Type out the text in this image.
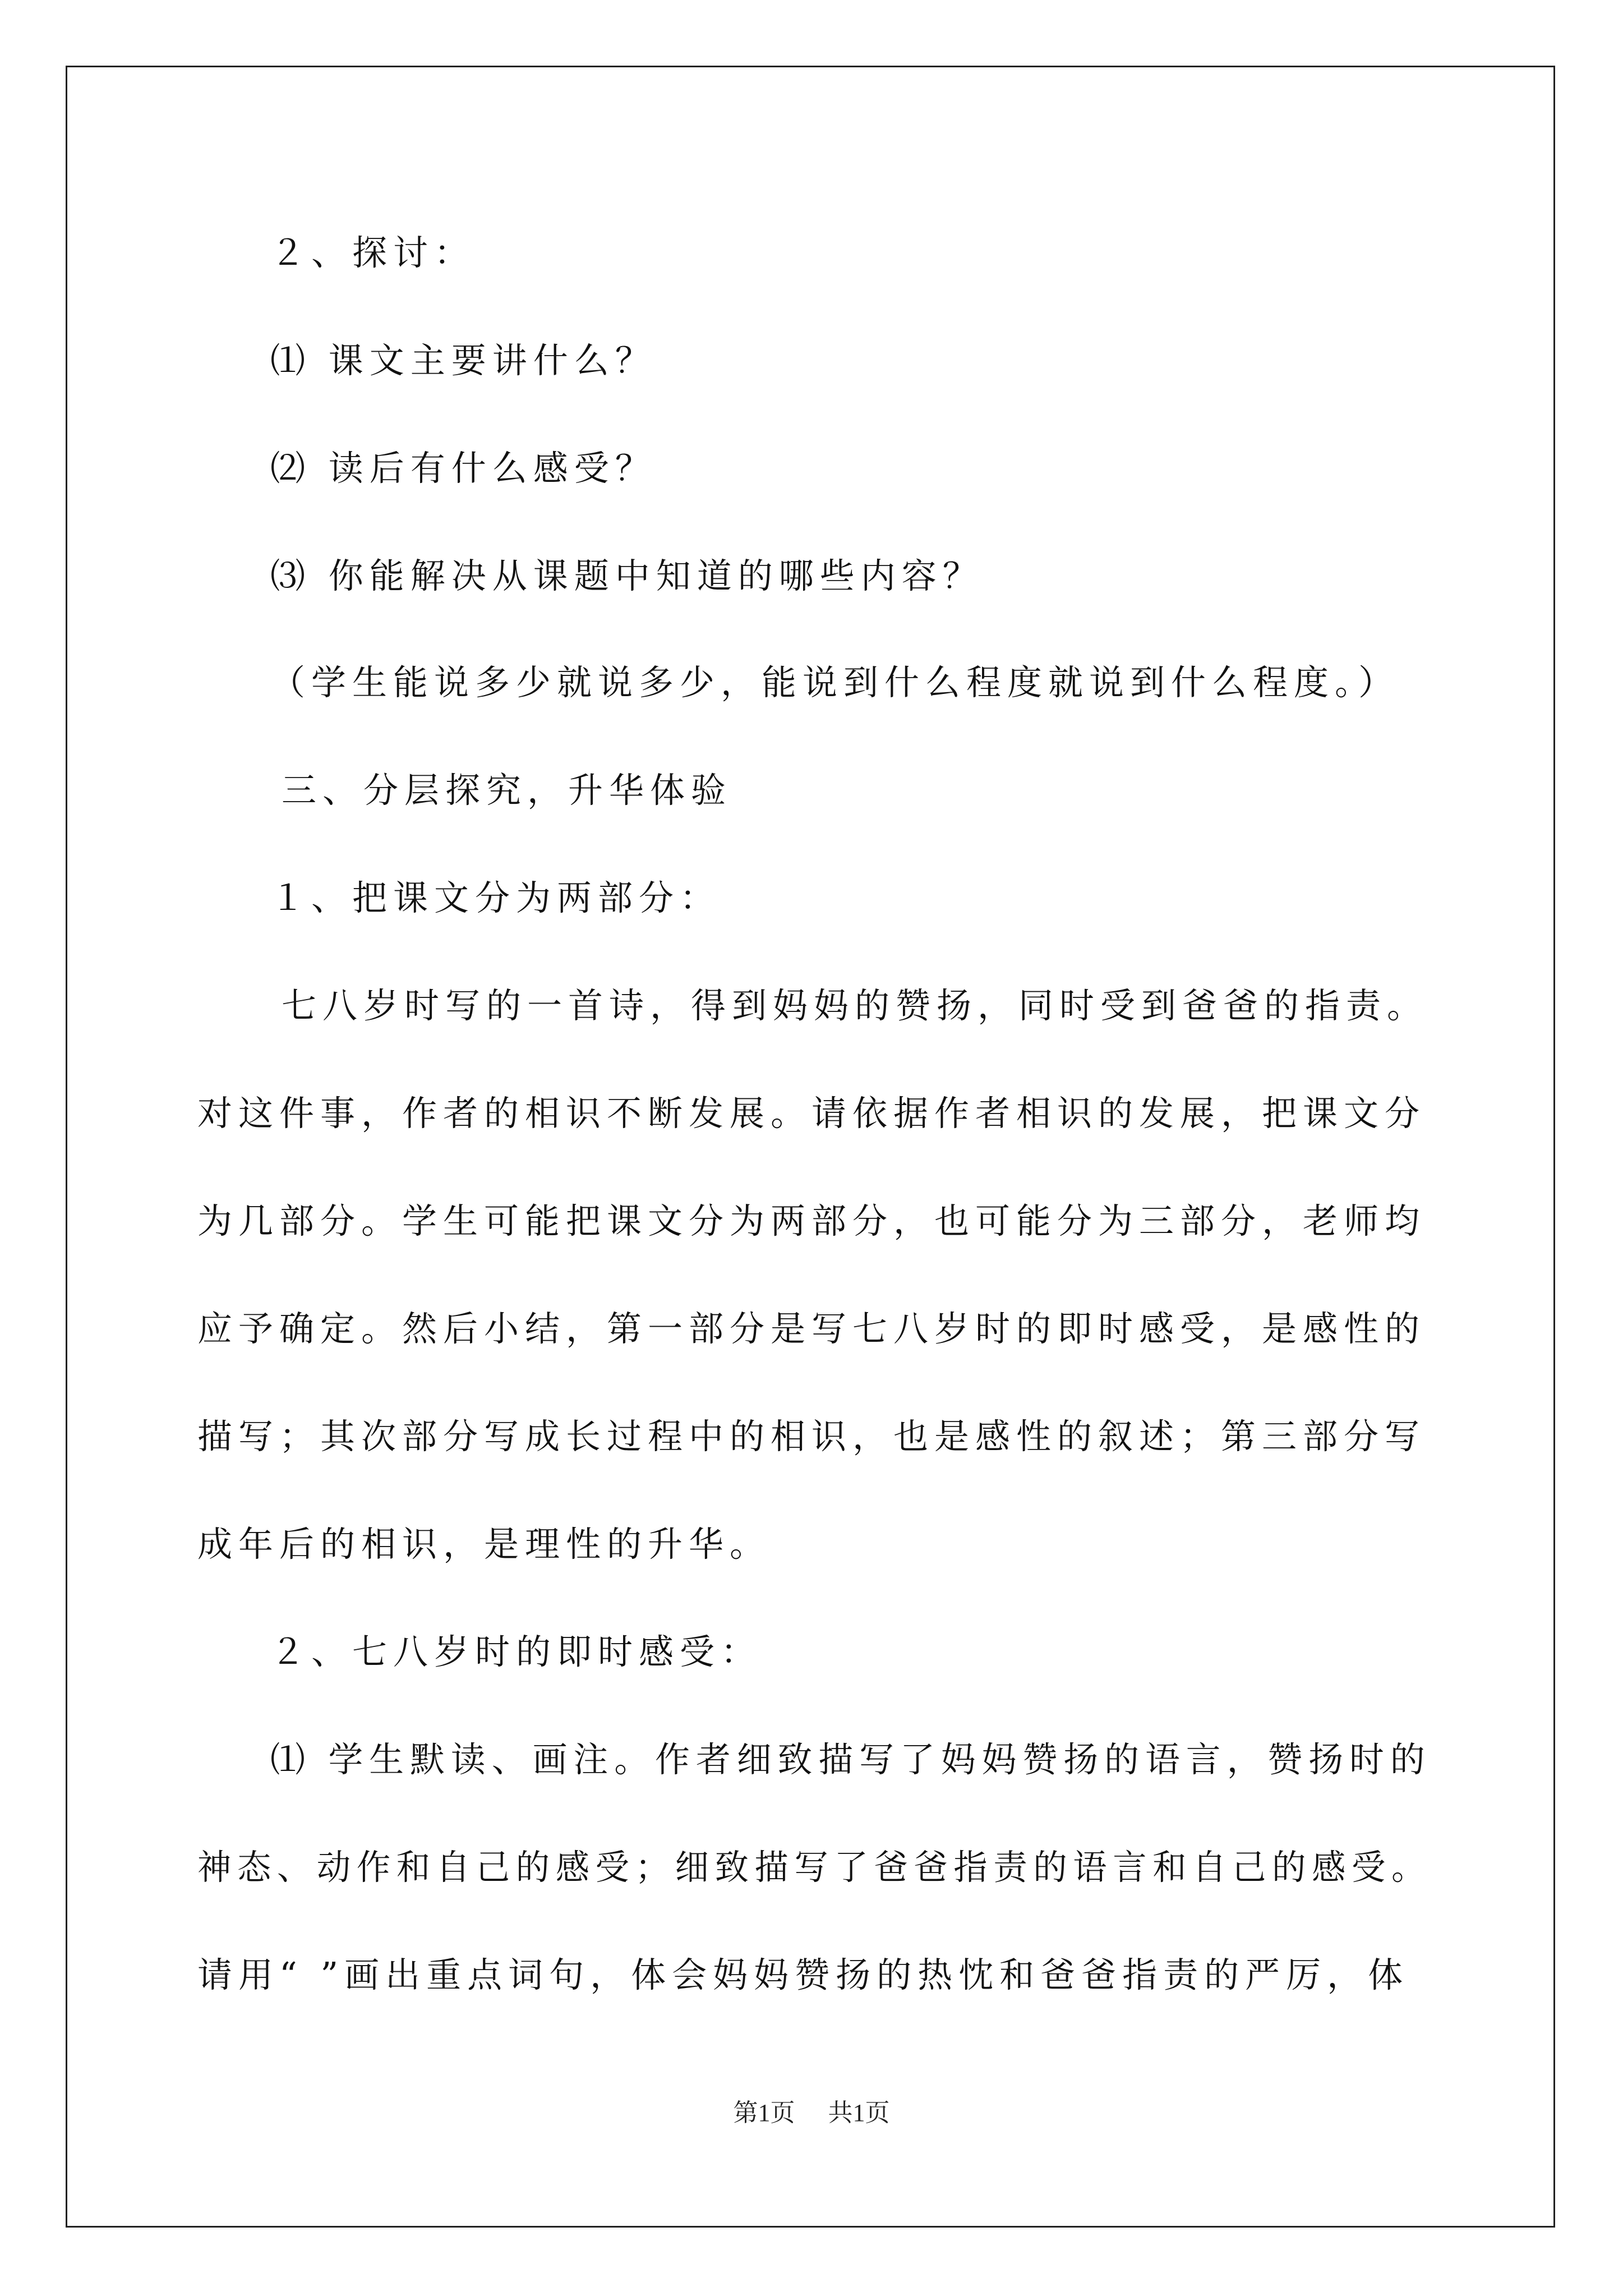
２、探讨：
⑴ 课文主要讲什么？
⑵ 读后有什么感受？
⑶ 你能解决从课题中知道的哪些内容？
（学生能说多少就说多少，能说到什么程度就说到什么程度。）
三、分层探究，升华体验
１、把课文分为两部分：
七八岁时写的一首诗，得到妈妈的赞扬，同时受到爸爸的指责。
对这件事，作者的相识不断发展。请依据作者相识的发展，把课文分
为几部分。学生可能把课文分为两部分，也可能分为三部分，老师均
应予确定。然后小结，第一部分是写七八岁时的即时感受，是感性的
描写；其次部分写成长过程中的相识，也是感性的叙述；第三部分写
成年后的相识，是理性的升华。
２、七八岁时的即时感受：
⑴ 学生默读、画注。作者细致描写了妈妈赞扬的语言，赞扬时的
神态、动作和自己的感受；细致描写了爸爸指责的语言和自己的感受。
请用“ ”画出重点词句，体会妈妈赞扬的热忱和爸爸指责的严厉，体
第1页 共1页
